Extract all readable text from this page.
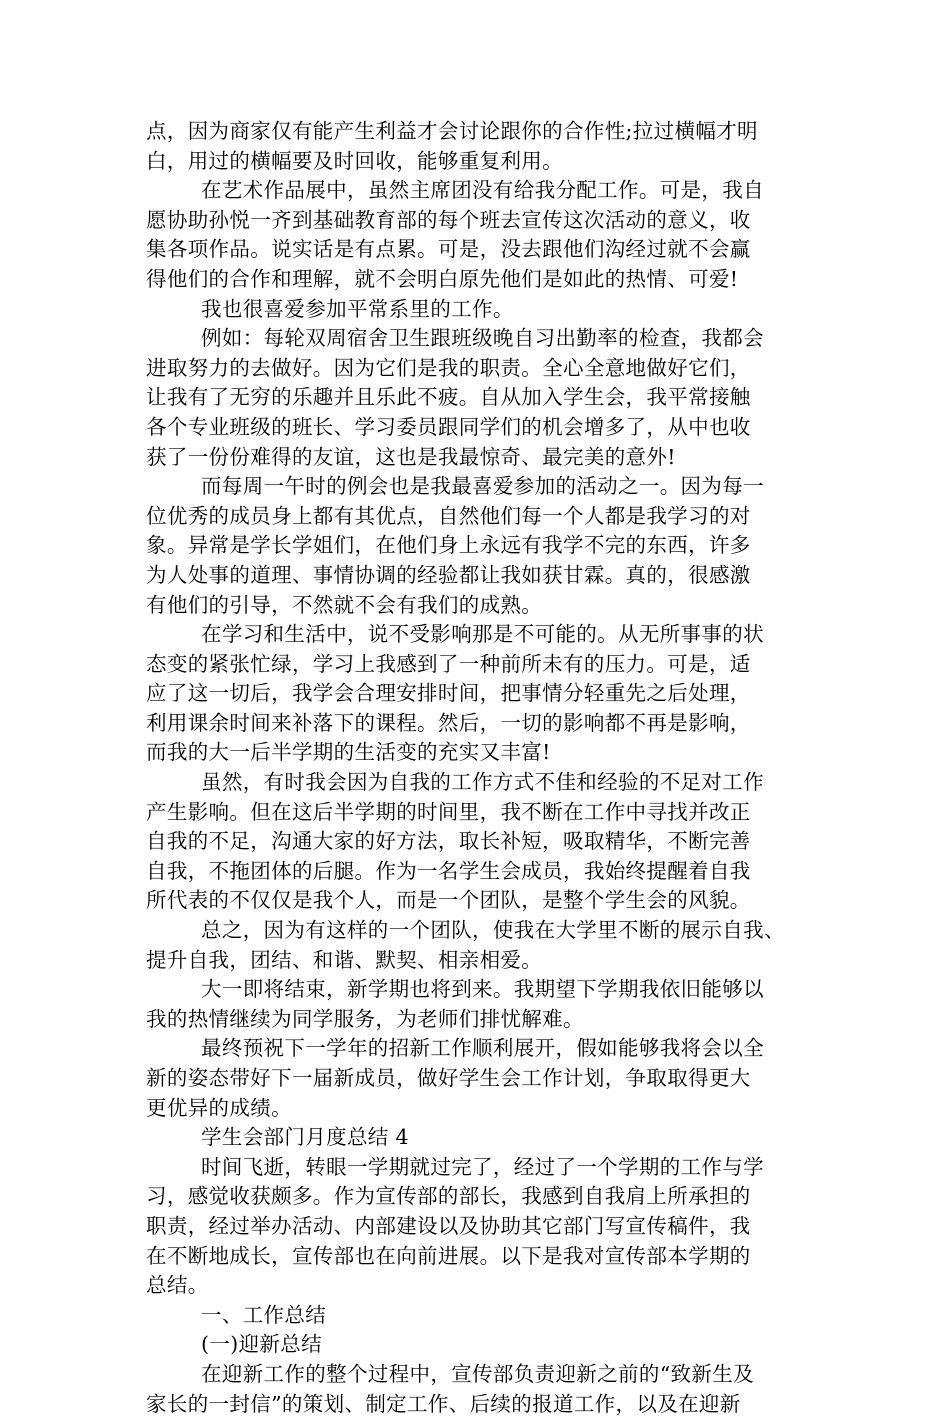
点，因为商家仅有能产生利益才会讨论跟你的合作性;拉过横幅才明
白，用过的横幅要及时回收，能够重复利用。
在艺术作品展中，虽然主席团没有给我分配工作。可是，我自
愿协助孙悦一齐到基础教育部的每个班去宣传这次活动的意义，收
集各项作品。说实话是有点累。可是，没去跟他们沟经过就不会赢
得他们的合作和理解，就不会明白原先他们是如此的热情、可爱!
我也很喜爱参加平常系里的工作。
例如：每轮双周宿舍卫生跟班级晚自习出勤率的检查，我都会
进取努力的去做好。因为它们是我的职责。全心全意地做好它们，
让我有了无穷的乐趣并且乐此不疲。自从加入学生会，我平常接触
各个专业班级的班长、学习委员跟同学们的机会增多了，从中也收
获了一份份难得的友谊，这也是我最惊奇、最完美的意外!
而每周一午时的例会也是我最喜爱参加的活动之一。因为每一
位优秀的成员身上都有其优点，自然他们每一个人都是我学习的对
象。异常是学长学姐们，在他们身上永远有我学不完的东西，许多
为人处事的道理、事情协调的经验都让我如获甘霖。真的，很感激
有他们的引导，不然就不会有我们的成熟。
在学习和生活中，说不受影响那是不可能的。从无所事事的状
态变的紧张忙绿，学习上我感到了一种前所未有的压力。可是，适
应了这一切后，我学会合理安排时间，把事情分轻重先之后处理，
利用课余时间来补落下的课程。然后，一切的影响都不再是影响，
而我的大一后半学期的生活变的充实又丰富!
虽然，有时我会因为自我的工作方式不佳和经验的不足对工作
产生影响。但在这后半学期的时间里，我不断在工作中寻找并改正
自我的不足，沟通大家的好方法，取长补短，吸取精华，不断完善
自我，不拖团体的后腿。作为一名学生会成员，我始终提醒着自我
所代表的不仅仅是我个人，而是一个团队，是整个学生会的风貌。
总之，因为有这样的一个团队，使我在大学里不断的展示自我、
提升自我，团结、和谐、默契、相亲相爱。
大一即将结束，新学期也将到来。我期望下学期我依旧能够以
我的热情继续为同学服务，为老师们排忧解难。
最终预祝下一学年的招新工作顺利展开，假如能够我将会以全
新的姿态带好下一届新成员，做好学生会工作计划，争取取得更大
更优异的成绩。
学生会部门月度总结 4
时间飞逝，转眼一学期就过完了，经过了一个学期的工作与学
习，感觉收获颇多。作为宣传部的部长，我感到自我肩上所承担的
职责，经过举办活动、内部建设以及协助其它部门写宣传稿件，我
在不断地成长，宣传部也在向前进展。以下是我对宣传部本学期的
总结。
一、工作总结
(一)迎新总结
在迎新工作的整个过程中，宣传部负责迎新之前的“致新生及
家长的一封信”的策划、制定工作、后续的报道工作，以及在迎新
